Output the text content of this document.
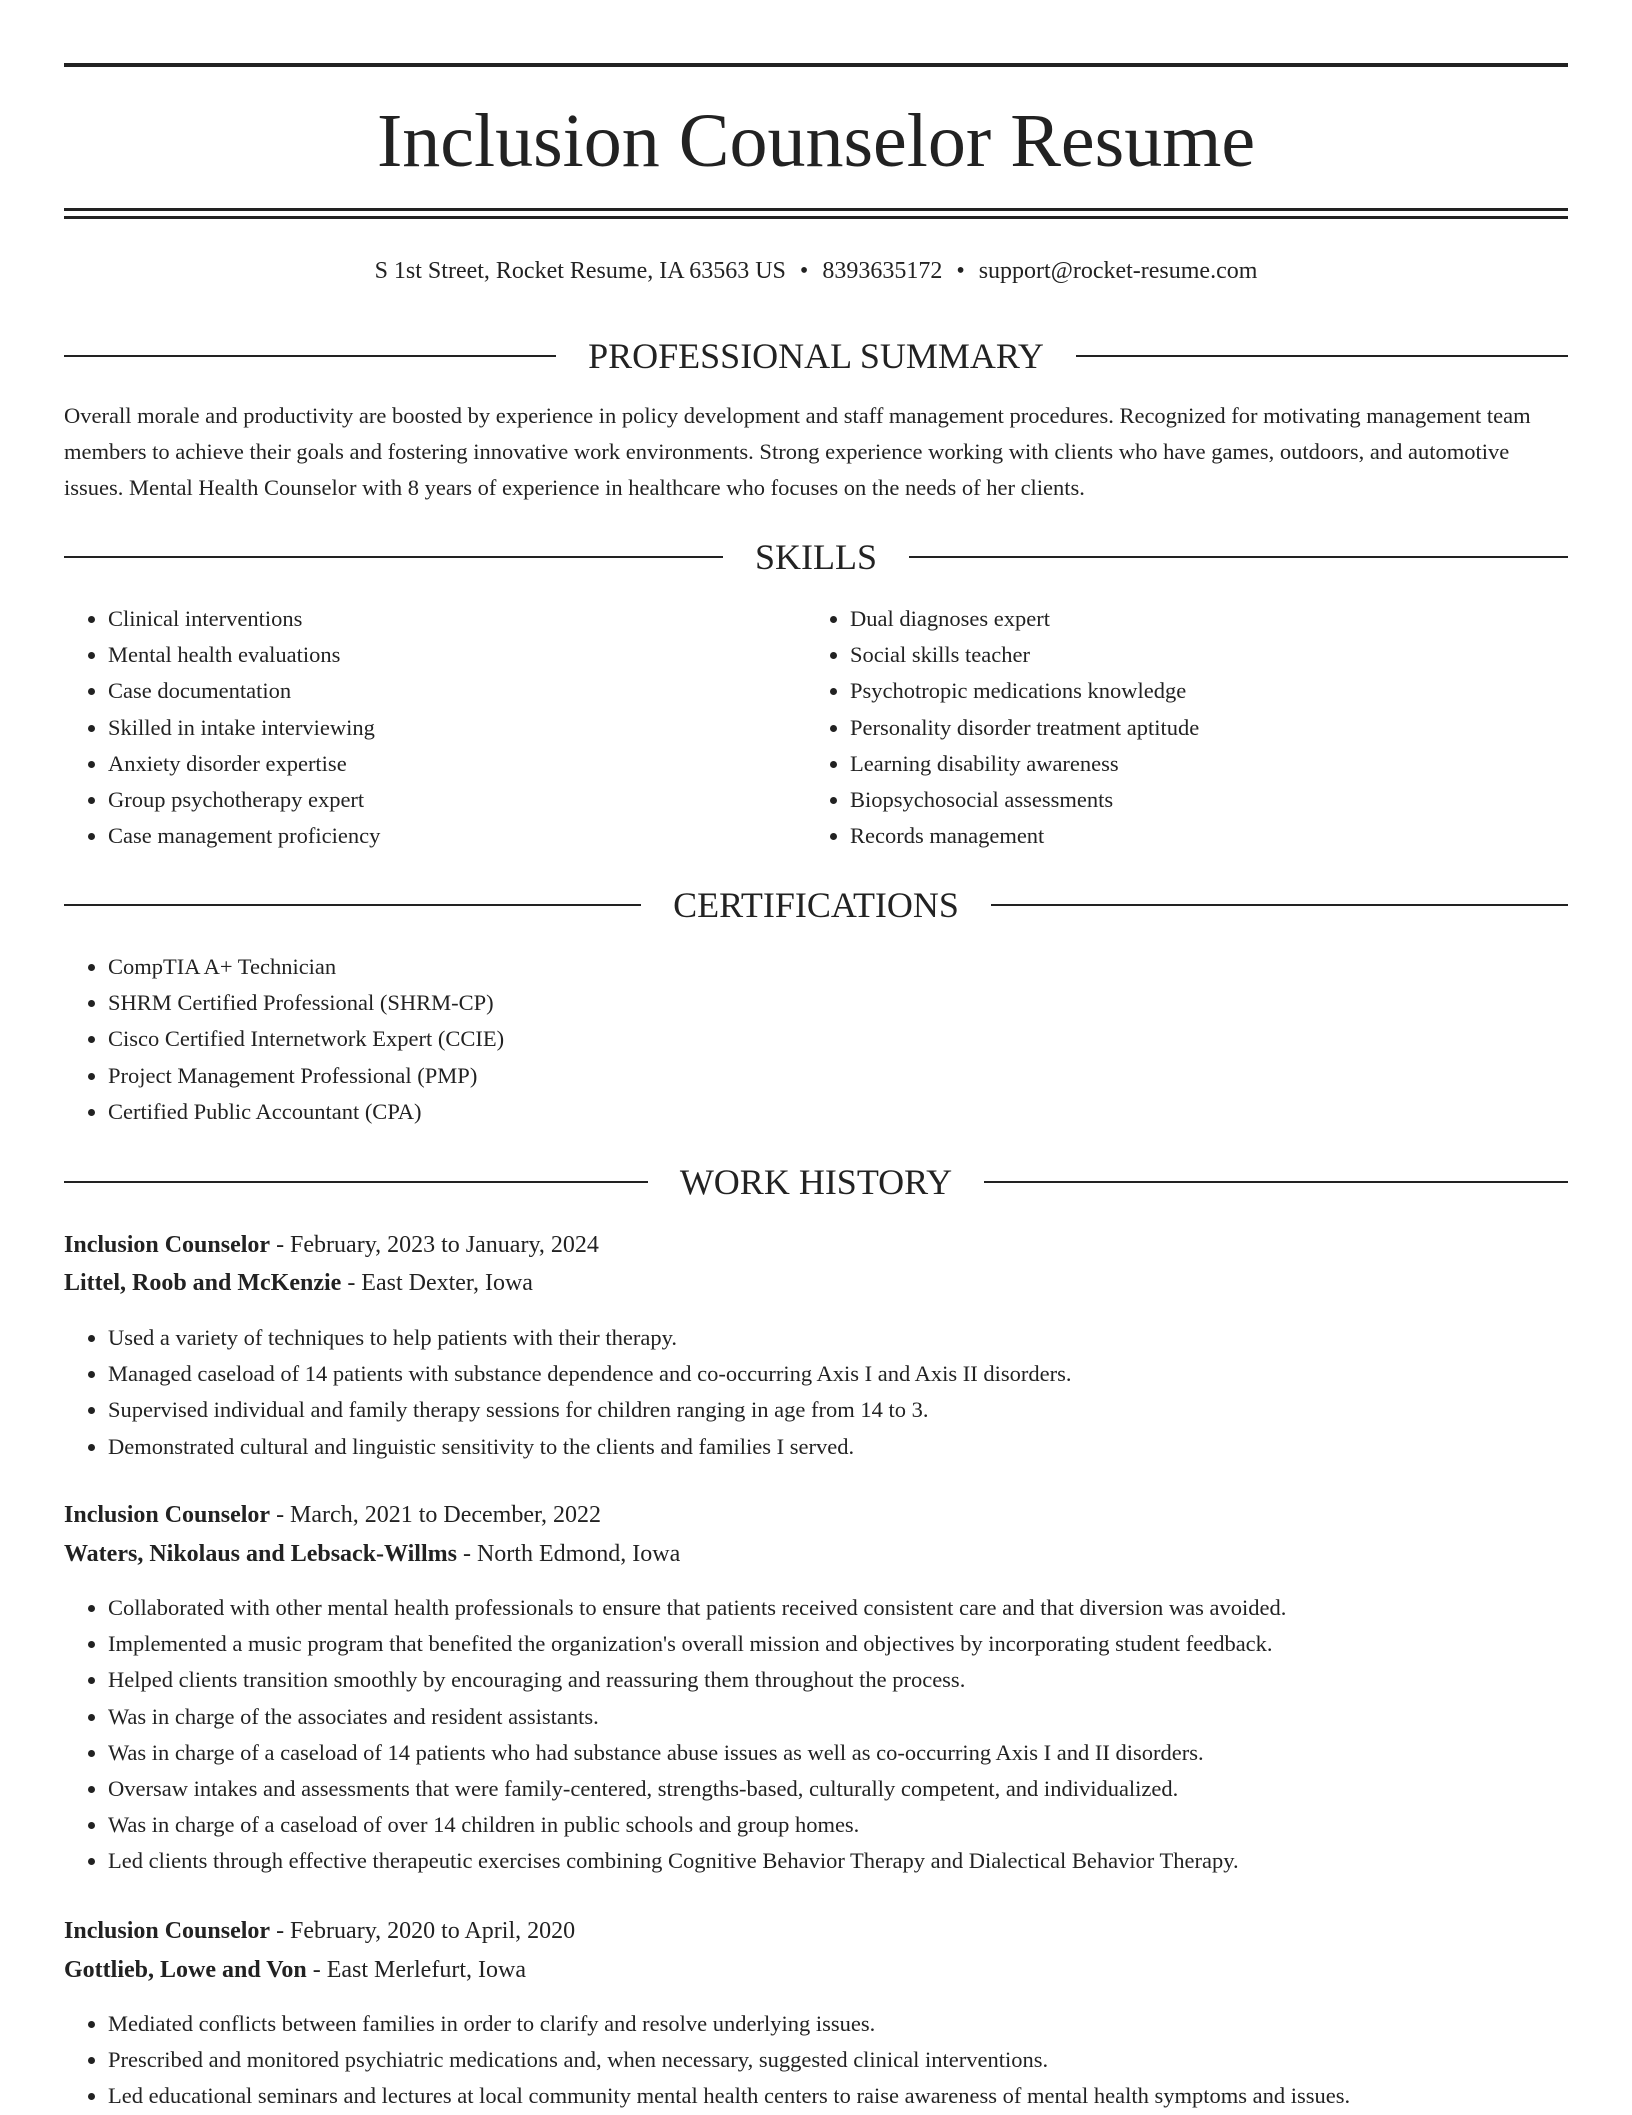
Inclusion Counselor Resume
S 1st Street, Rocket Resume, IA 63563 US • 8393635172 • support@rocket-resume.com
PROFESSIONAL SUMMARY

Overall morale and productivity are boosted by experience in policy development and staff management procedures. Recognized for motivating management team members to achieve their goals and fostering innovative work environments. Strong experience working with clients who have games, outdoors, and automotive issues. Mental Health Counselor with 8 years of experience in healthcare who focuses on the needs of her clients.

SKILLS
• Clinical interventions
• Mental health evaluations
• Case documentation
• Skilled in intake interviewing
• Anxiety disorder expertise
• Group psychotherapy expert
• Case management proficiency
• Dual diagnoses expert
• Social skills teacher
• Psychotropic medications knowledge
• Personality disorder treatment aptitude
• Learning disability awareness
• Biopsychosocial assessments
• Records management
CERTIFICATIONS
• CompTIA A+ Technician
• SHRM Certified Professional (SHRM-CP)
• Cisco Certified Internetwork Expert (CCIE)
• Project Management Professional (PMP)
• Certified Public Accountant (CPA)
WORK HISTORY
Inclusion Counselor - February, 2023 to January, 2024
Littel, Roob and McKenzie - East Dexter, Iowa
• Used a variety of techniques to help patients with their therapy.
• Managed caseload of 14 patients with substance dependence and co-occurring Axis I and Axis II disorders.
• Supervised individual and family therapy sessions for children ranging in age from 14 to 3.
• Demonstrated cultural and linguistic sensitivity to the clients and families I served.
Inclusion Counselor - March, 2021 to December, 2022
Waters, Nikolaus and Lebsack-Willms - North Edmond, Iowa
• Collaborated with other mental health professionals to ensure that patients received consistent care and that diversion was avoided.
• Implemented a music program that benefited the organization's overall mission and objectives by incorporating student feedback.
• Helped clients transition smoothly by encouraging and reassuring them throughout the process.
• Was in charge of the associates and resident assistants.
• Was in charge of a caseload of 14 patients who had substance abuse issues as well as co-occurring Axis I and II disorders.
• Oversaw intakes and assessments that were family-centered, strengths-based, culturally competent, and individualized.
• Was in charge of a caseload of over 14 children in public schools and group homes.
• Led clients through effective therapeutic exercises combining Cognitive Behavior Therapy and Dialectical Behavior Therapy.
Inclusion Counselor - February, 2020 to April, 2020
Gottlieb, Lowe and Von - East Merlefurt, Iowa
• Mediated conflicts between families in order to clarify and resolve underlying issues.
• Prescribed and monitored psychiatric medications and, when necessary, suggested clinical interventions.
• Led educational seminars and lectures at local community mental health centers to raise awareness of mental health symptoms and issues.
